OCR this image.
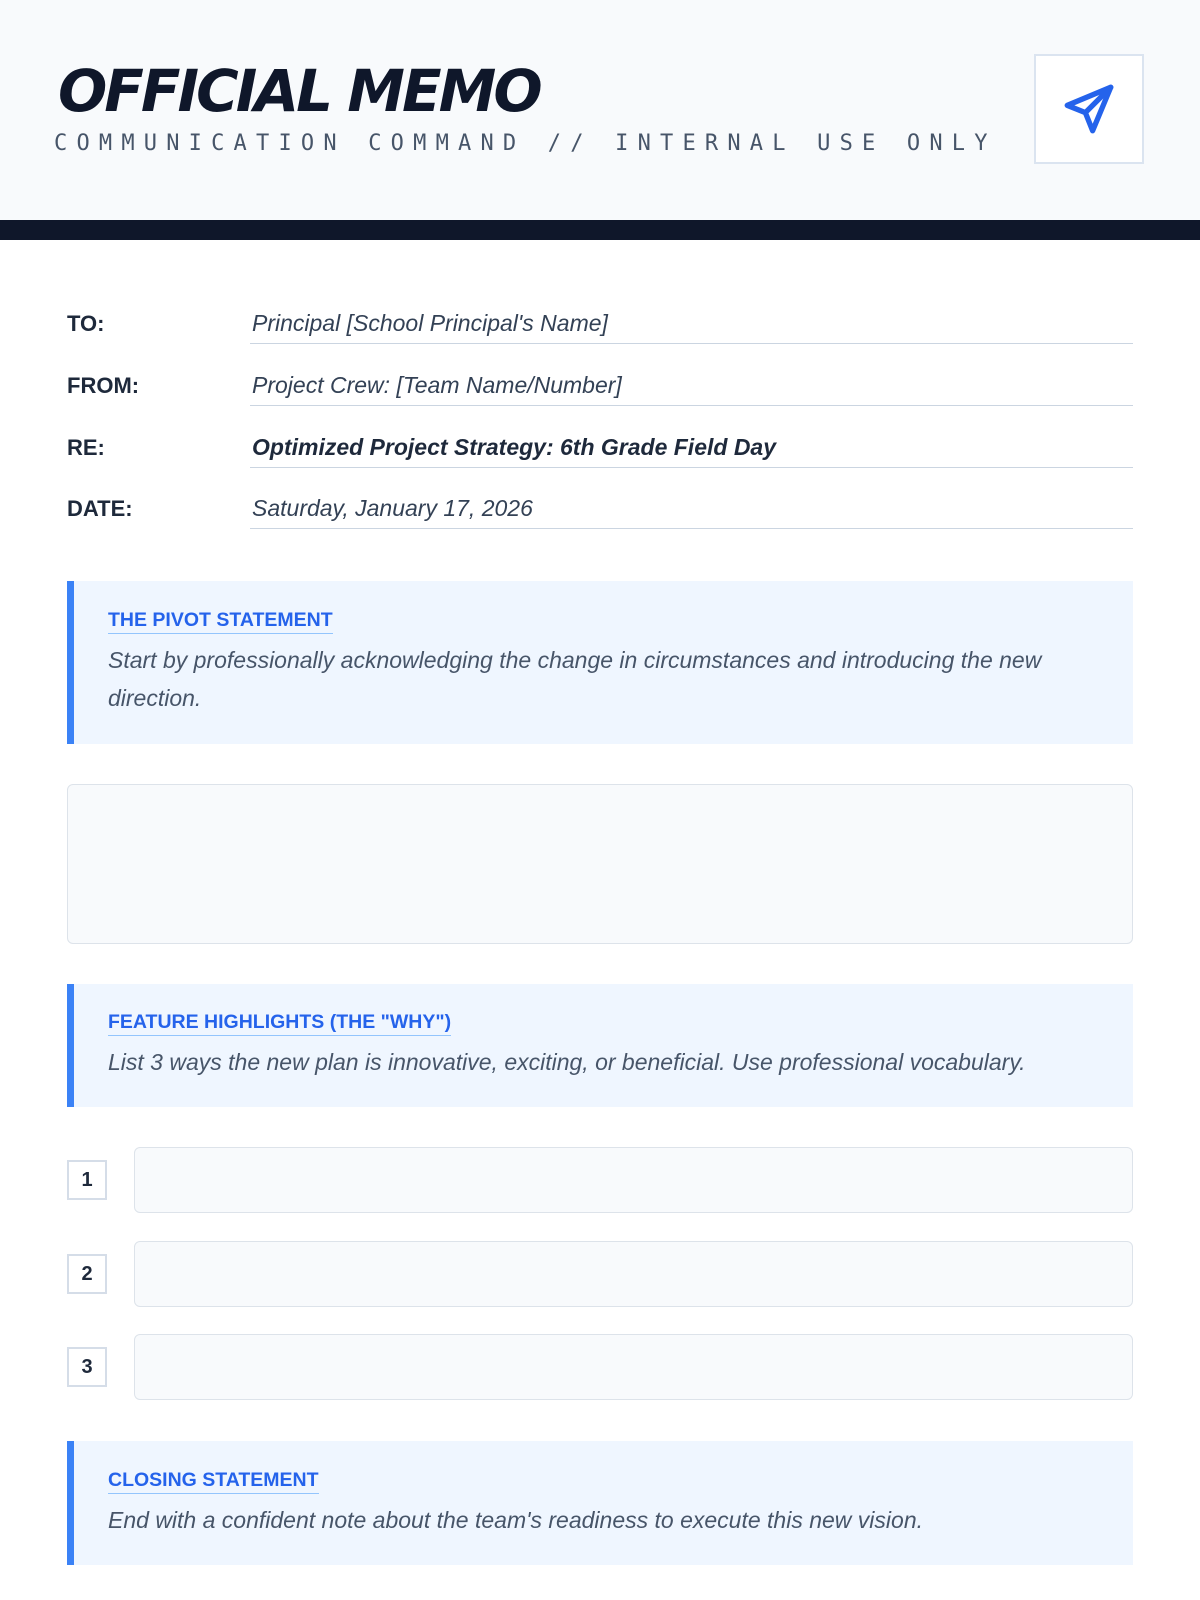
OFFICIAL MEMO
COMMUNICATION COMMAND // INTERNAL USE ONLY
TO:	Principal [School Principal's Name]
FROM:	Project Crew: [Team Name/Number]
RE:	Optimized Project Strategy: 6th Grade Field Day
DATE:	Saturday, January 17, 2026
THE PIVOT STATEMENT
Start by professionally acknowledging the change in circumstances and introducing the new direction.
FEATURE HIGHLIGHTS (THE "WHY")
List 3 ways the new plan is innovative, exciting, or beneficial. Use professional vocabulary.
1
2
3
CLOSING STATEMENT
End with a confident note about the team's readiness to execute this new vision.
